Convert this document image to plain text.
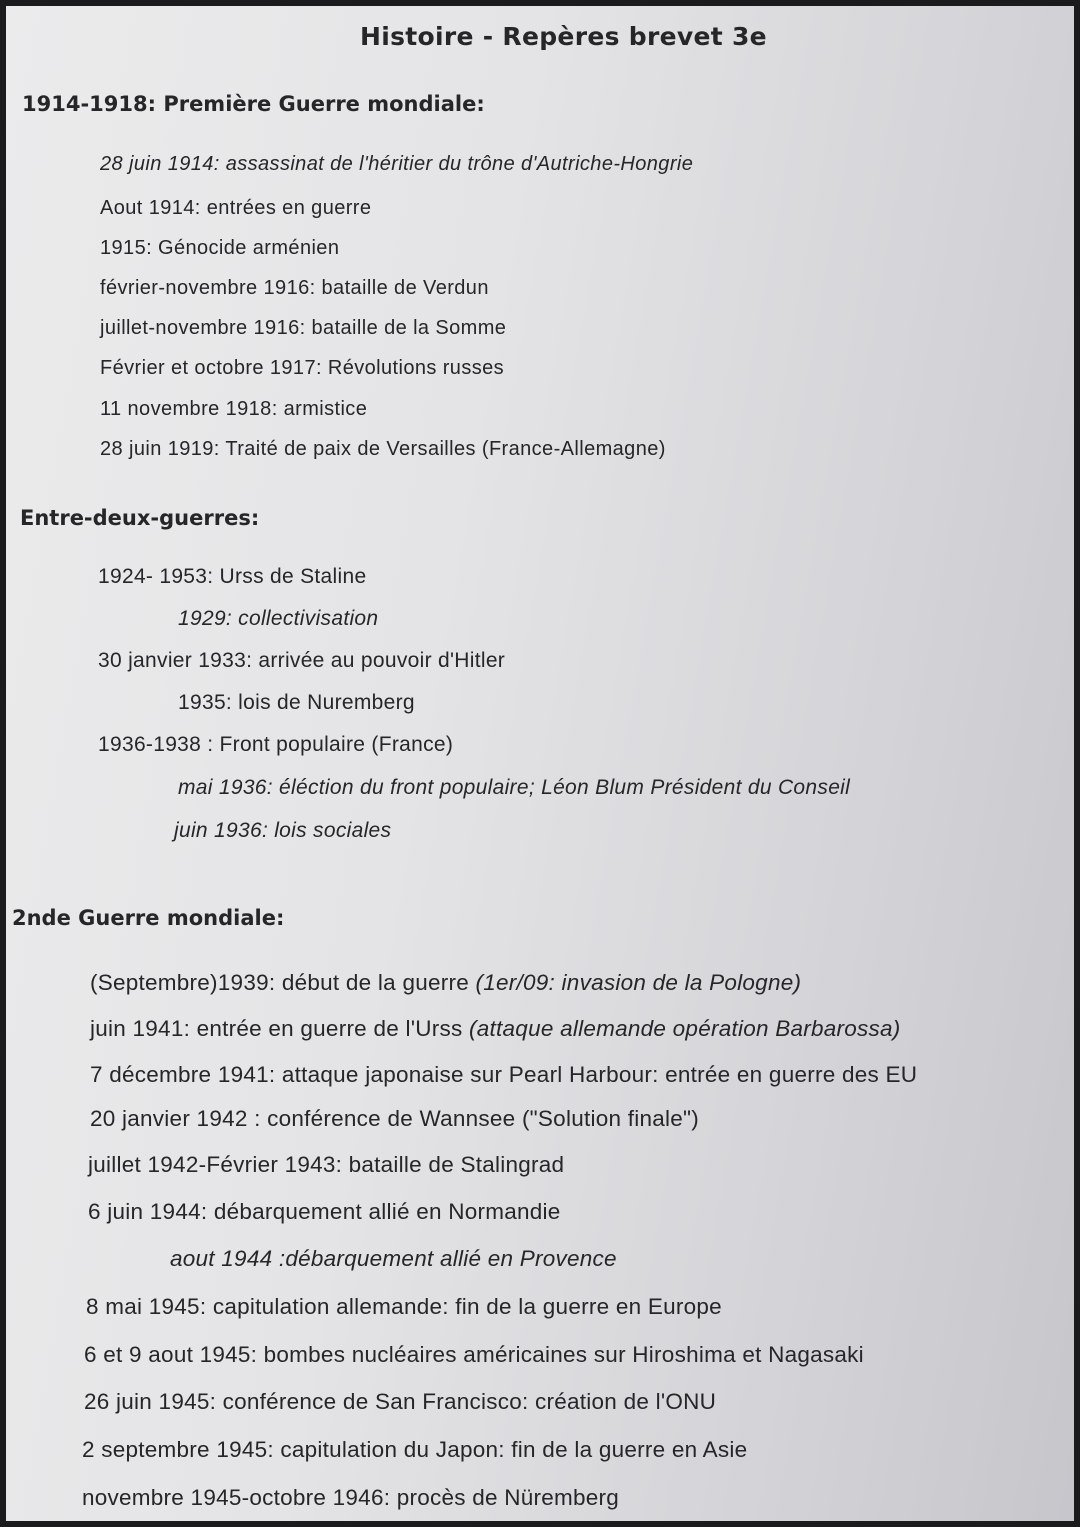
Histoire - Repères brevet 3e
1914-1918: Première Guerre mondiale:
28 juin 1914: assassinat de l'héritier du trône d'Autriche-Hongrie
Aout 1914: entrées en guerre
1915: Génocide arménien
février-novembre 1916: bataille de Verdun
juillet-novembre 1916: bataille de la Somme
Février et octobre 1917: Révolutions russes
11 novembre 1918: armistice
28 juin 1919: Traité de paix de Versailles (France-Allemagne)
Entre-deux-guerres:
1924- 1953: Urss de Staline
1929: collectivisation
30 janvier 1933: arrivée au pouvoir d'Hitler
1935: lois de Nuremberg
1936-1938 : Front populaire (France)
mai 1936: éléction du front populaire; Léon Blum Président du Conseil
juin 1936: lois sociales
2nde Guerre mondiale:
(Septembre)1939: début de la guerre (1er/09: invasion de la Pologne)
juin 1941: entrée en guerre de l'Urss (attaque allemande opération Barbarossa)
7 décembre 1941: attaque japonaise sur Pearl Harbour: entrée en guerre des EU
20 janvier 1942 : conférence de Wannsee ("Solution finale")
juillet 1942-Février 1943: bataille de Stalingrad
6 juin 1944: débarquement allié en Normandie
aout 1944 :débarquement allié en Provence
8 mai 1945: capitulation allemande: fin de la guerre en Europe
6 et 9 aout 1945: bombes nucléaires américaines sur Hiroshima et Nagasaki
26 juin 1945: conférence de San Francisco: création de l'ONU
2 septembre 1945: capitulation du Japon: fin de la guerre en Asie
novembre 1945-octobre 1946: procès de Nüremberg
